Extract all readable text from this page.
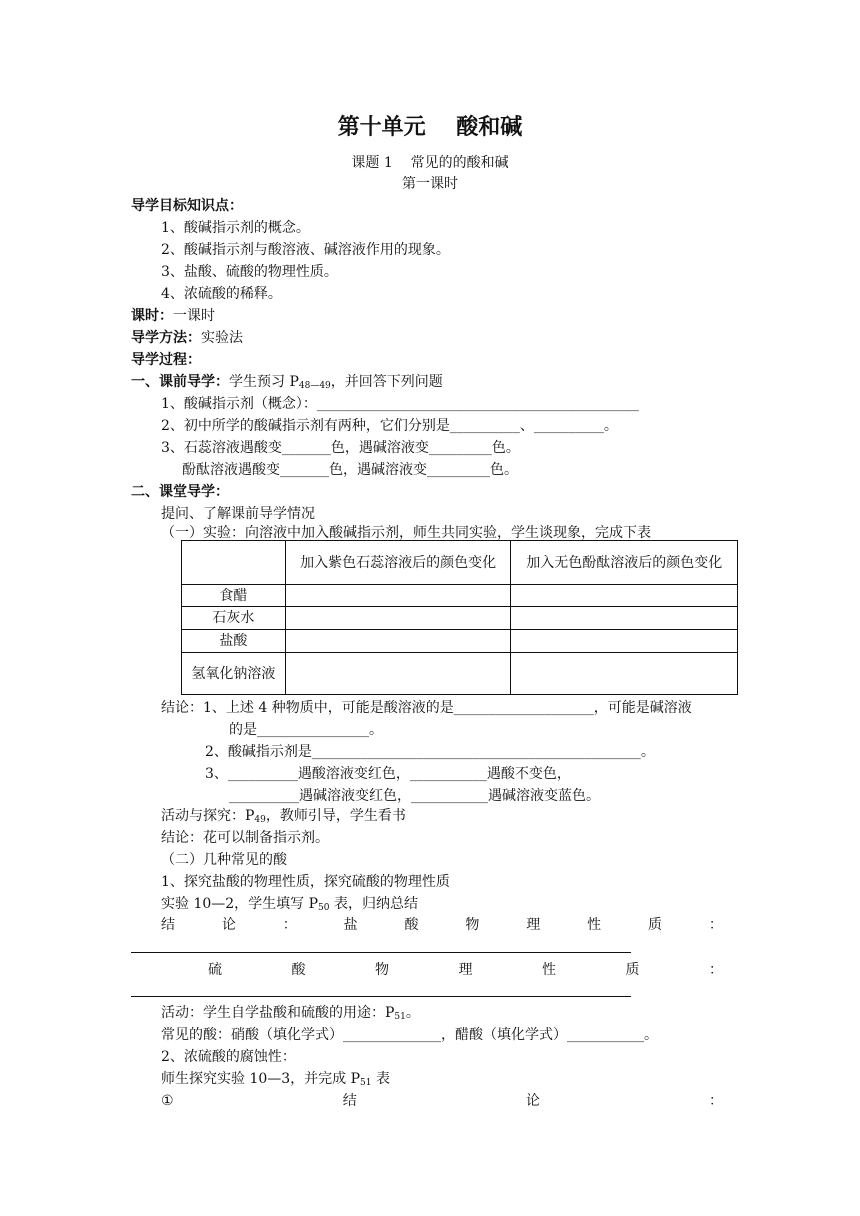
第十单元    酸和碱
课题 1    常见的的酸和碱
第一课时
导学目标知识点：
1、酸碱指示剂的概念。
2、酸碱指示剂与酸溶液、碱溶液作用的现象。
3、盐酸、硫酸的物理性质。
4、浓硫酸的稀释。
课时：一课时
导学方法：实验法
导学过程：
一、课前导学：学生预习 $P_{48—49}$，并回答下列问题
1、酸碱指示剂（概念）：______________________________________________
2、初中所学的酸碱指示剂有两种，它们分别是__________、__________。
3、石蕊溶液遇酸变_______色，遇碱溶液变_________色。
酚酞溶液遇酸变_______色，遇碱溶液变_________色。
二、课堂导学：
提问、了解课前导学情况
（一）实验：向溶液中加入酸碱指示剂，师生共同实验，学生谈现象，完成下表
	加入紫色石蕊溶液后的颜色变化	加入无色酚酞溶液后的颜色变化
食醋		
石灰水		
盐酸		
氢氧化钠溶液		
结论：1、上述 4 种物质中，可能是酸溶液的是____________________，可能是碱溶液
的是________________。
2、酸碱指示剂是_______________________________________________。
3、__________遇酸溶液变红色，___________遇酸不变色，
__________遇碱溶液变红色，___________遇碱溶液变蓝色。
活动与探究：$P_{49}$，教师引导，学生看书
结论：花可以制备指示剂。
（二）几种常见的酸
1、探究盐酸的物理性质，探究硫酸的物理性质
实验 10—2，学生填写 $P_{50}$ 表，归纳总结
结	论	：	盐	酸	物	理	性	质	：
硫	酸	物	理	性	质	：
活动：学生自学盐酸和硫酸的用途：$P_{51}$。
常见的酸：硝酸（填化学式）______________，醋酸（填化学式）___________。
2、浓硫酸的腐蚀性：
师生探究实验 10—3，并完成 $P_{51}$ 表
①	结	论	：
